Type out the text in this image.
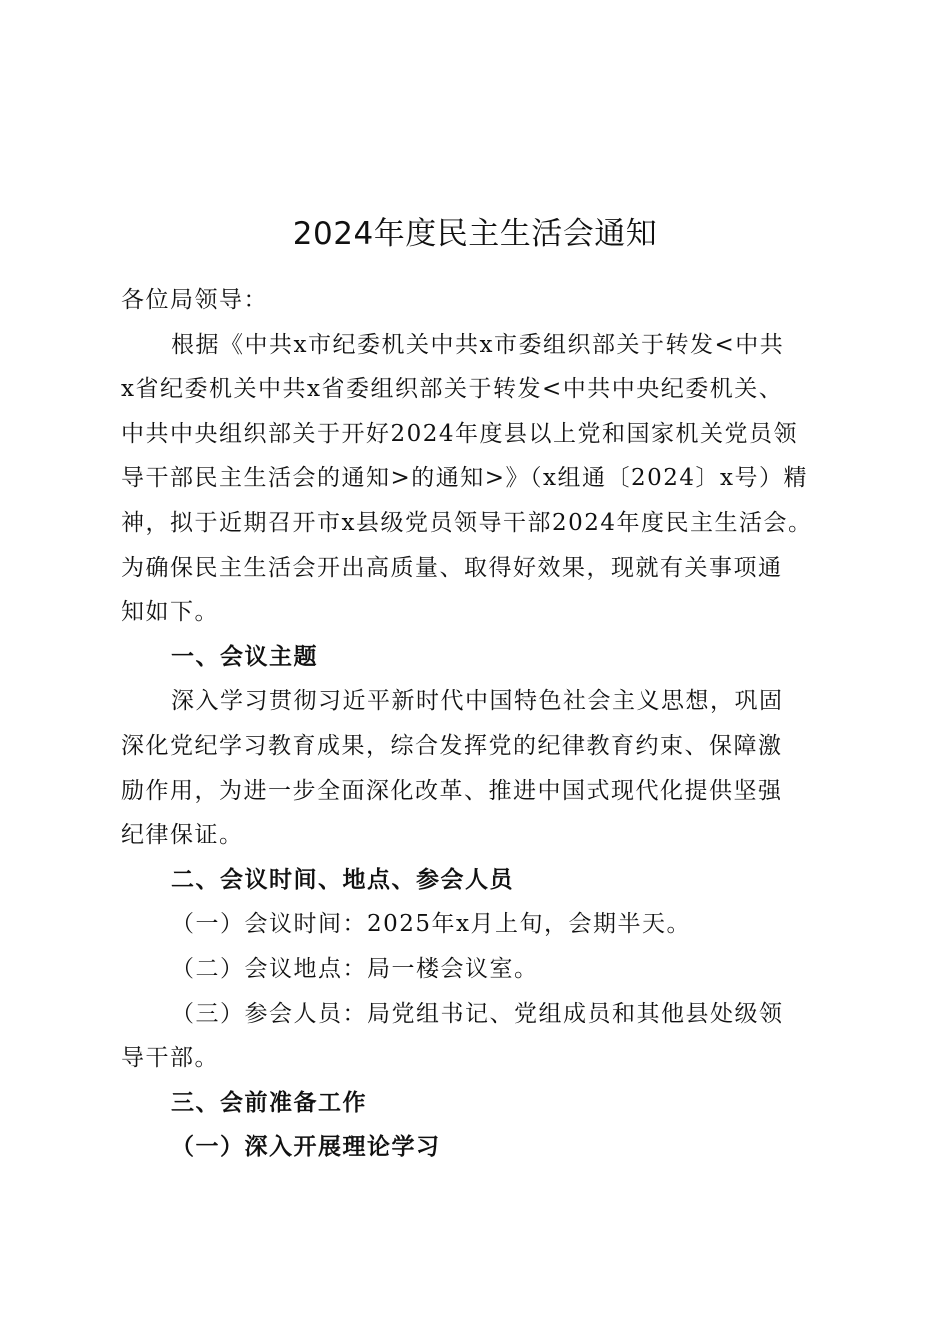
2024年度民主生活会通知

各位局领导：

根据《中共x市纪委机关中共x市委组织部关于转发<中共

x省纪委机关中共x省委组织部关于转发<中共中央纪委机关、

中共中央组织部关于开好2024年度县以上党和国家机关党员领

导干部民主生活会的通知>的通知>》（x组通〔2024〕x号）精

神，拟于近期召开市x县级党员领导干部2024年度民主生活会。

为确保民主生活会开出高质量、取得好效果，现就有关事项通

知如下。

一、会议主题

深入学习贯彻习近平新时代中国特色社会主义思想，巩固

深化党纪学习教育成果，综合发挥党的纪律教育约束、保障激

励作用，为进一步全面深化改革、推进中国式现代化提供坚强

纪律保证。

二、会议时间、地点、参会人员

（一）会议时间：2025年x月上旬，会期半天。

（二）会议地点：局一楼会议室。

（三）参会人员：局党组书记、党组成员和其他县处级领

导干部。

三、会前准备工作

（一）深入开展理论学习
